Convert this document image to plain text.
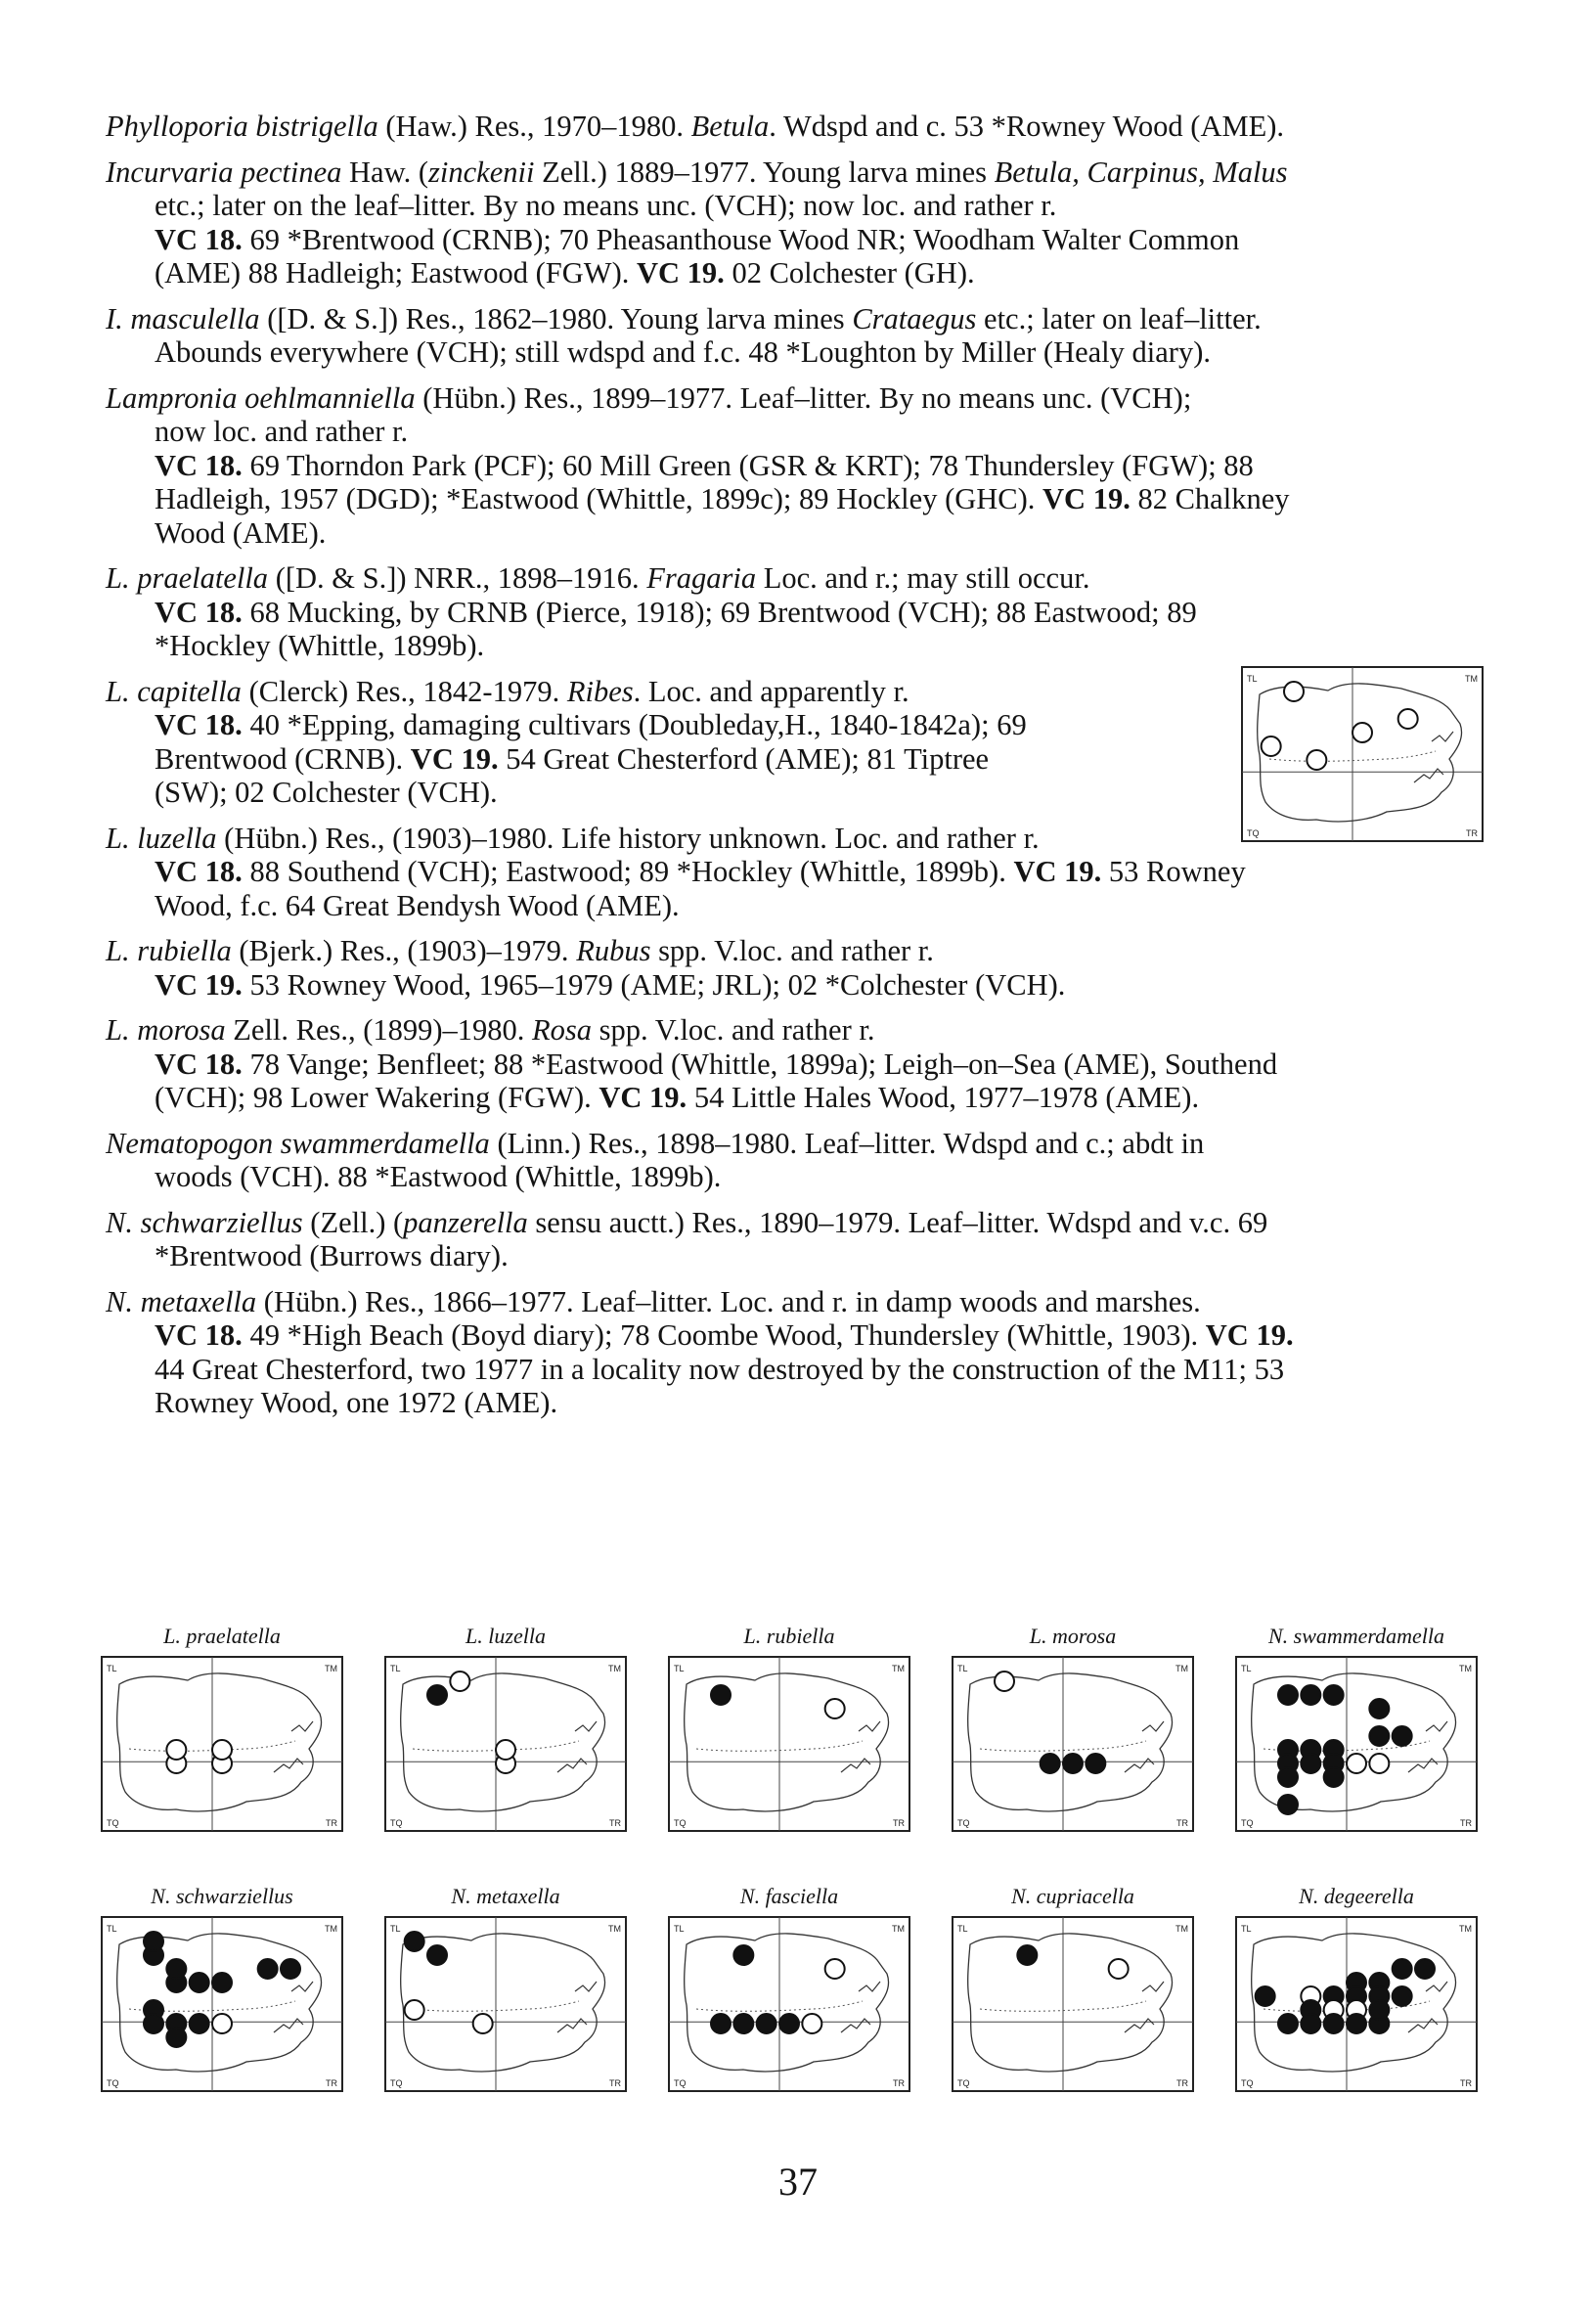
Phylloporia bistrigella (Haw.) Res., 1970–1980. Betula. Wdspd and c. 53 *Rowney Wood (AME).

Incurvaria pectinea Haw. (zinckenii Zell.) 1889–1977. Young larva mines Betula, Carpinus, Malus

etc.; later on the leaf–litter. By no means unc. (VCH); now loc. and rather r.

VC 18. 69 *Brentwood (CRNB); 70 Pheasanthouse Wood NR; Woodham Walter Common

(AME) 88 Hadleigh; Eastwood (FGW). VC 19. 02 Colchester (GH).

I. masculella ([D. & S.]) Res., 1862–1980. Young larva mines Crataegus etc.; later on leaf–litter.

Abounds everywhere (VCH); still wdspd and f.c. 48 *Loughton by Miller (Healy diary).

Lampronia oehlmanniella (Hübn.) Res., 1899–1977. Leaf–litter. By no means unc. (VCH);

now loc. and rather r.

VC 18. 69 Thorndon Park (PCF); 60 Mill Green (GSR & KRT); 78 Thundersley (FGW); 88

Hadleigh, 1957 (DGD); *Eastwood (Whittle, 1899c); 89 Hockley (GHC). VC 19. 82 Chalkney

Wood (AME).

L. praelatella ([D. & S.]) NRR., 1898–1916. Fragaria Loc. and r.; may still occur.

VC 18. 68 Mucking, by CRNB (Pierce, 1918); 69 Brentwood (VCH); 88 Eastwood; 89

*Hockley (Whittle, 1899b).

L. capitella (Clerck) Res., 1842-1979. Ribes. Loc. and apparently r.

VC 18. 40 *Epping, damaging cultivars (Doubleday,H., 1840-1842a); 69

Brentwood (CRNB). VC 19. 54 Great Chesterford (AME); 81 Tiptree

(SW); 02 Colchester (VCH).

TL	TM
TQ	TR

L. luzella (Hübn.) Res., (1903)–1980. Life history unknown. Loc. and rather r.

VC 18. 88 Southend (VCH); Eastwood; 89 *Hockley (Whittle, 1899b). VC 19. 53 Rowney

Wood, f.c. 64 Great Bendysh Wood (AME).

L. rubiella (Bjerk.) Res., (1903)–1979. Rubus spp. V.loc. and rather r.

VC 19. 53 Rowney Wood, 1965–1979 (AME; JRL); 02 *Colchester (VCH).

L. morosa Zell. Res., (1899)–1980. Rosa spp. V.loc. and rather r.

VC 18. 78 Vange; Benfleet; 88 *Eastwood (Whittle, 1899a); Leigh–on–Sea (AME), Southend

(VCH); 98 Lower Wakering (FGW). VC 19. 54 Little Hales Wood, 1977–1978 (AME).

Nematopogon swammerdamella (Linn.) Res., 1898–1980. Leaf–litter. Wdspd and c.; abdt in

woods (VCH). 88 *Eastwood (Whittle, 1899b).

N. schwarziellus (Zell.) (panzerella sensu auctt.) Res., 1890–1979. Leaf–litter. Wdspd and v.c. 69

*Brentwood (Burrows diary).

N. metaxella (Hübn.) Res., 1866–1977. Leaf–litter. Loc. and r. in damp woods and marshes.

VC 18. 49 *High Beach (Boyd diary); 78 Coombe Wood, Thundersley (Whittle, 1903). VC 19.

44 Great Chesterford, two 1977 in a locality now destroyed by the construction of the M11; 53

Rowney Wood, one 1972 (AME).

L. praelatella
TL	TM
TQ	TR
L. luzella
TL	TM
TQ	TR
L. rubiella
TL	TM
TQ	TR
L. morosa
TL	TM
TQ	TR
N. swammerdamella
TL	TM
TQ	TR
N. schwarziellus
TL	TM
TQ	TR
N. metaxella
TL	TM
TQ	TR
N. fasciella
TL	TM
TQ	TR
N. cupriacella
TL	TM
TQ	TR
N. degeerella
TL	TM
TQ	TR
37
